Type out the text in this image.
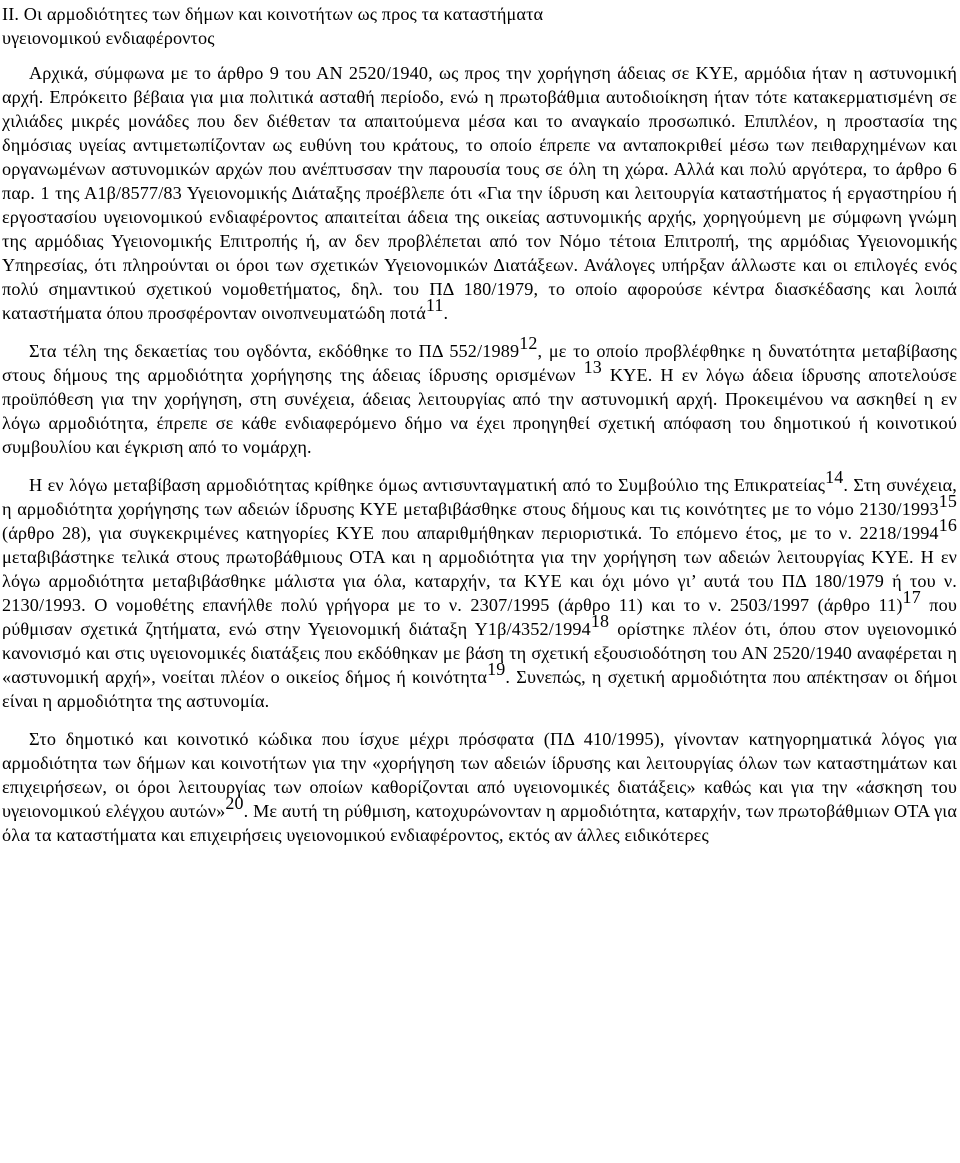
II. Οι αρμοδιότητες των δήμων και κοινοτήτων ως προς τα καταστήματα
υγειονομικού ενδιαφέροντος

Αρχικά, σύμφωνα με το άρθρο 9 του ΑΝ 2520/1940, ως προς την χορήγηση άδειας σε ΚΥΕ, αρμόδια ήταν η αστυνομική αρχή. Επρόκειτο βέβαια για μια πολιτικά ασταθή περίοδο, ενώ η πρωτοβάθμια αυτοδιοίκηση ήταν τότε κατακερματισμένη σε χιλιάδες μικρές μονάδες που δεν διέθεταν τα απαιτούμενα μέσα και το αναγκαίο προσωπικό. Επιπλέον, η προστασία της δημόσιας υγείας αντιμετωπίζονταν ως ευθύνη του κράτους, το οποίο έπρεπε να ανταποκριθεί μέσω των πειθαρχημένων και οργανωμένων αστυνομικών αρχών που ανέπτυσσαν την παρουσία τους σε όλη τη χώρα. Αλλά και πολύ αργότερα, το άρθρο 6 παρ. 1 της Α1β/8577/83 Υγειονομικής Διάταξης προέβλεπε ότι «Για την ίδρυση και λειτουργία καταστήματος ή εργαστηρίου ή εργοστασίου υγειονομικού ενδιαφέροντος απαιτείται άδεια της οικείας αστυνομικής αρχής, χορηγούμενη με σύμφωνη γνώμη της αρμόδιας Υγειονομικής Επιτροπής ή, αν δεν προβλέπεται από τον Νόμο τέτοια Επιτροπή, της αρμόδιας Υγειονομικής Υπηρεσίας, ότι πληρούνται οι όροι των σχετικών Υγειονομικών Διατάξεων. Ανάλογες υπήρξαν άλλωστε και οι επιλογές ενός πολύ σημαντικού σχετικού νομοθετήματος, δηλ. του ΠΔ 180/1979, το οποίο αφορούσε κέντρα διασκέδασης και λοιπά καταστήματα όπου προσφέρονταν οινοπνευματώδη ποτά$^{11}$.

Στα τέλη της δεκαετίας του ογδόντα, εκδόθηκε το ΠΔ 552/1989$^{12}$, με το οποίο προβλέφθηκε η δυνατότητα μεταβίβασης στους δήμους της αρμοδιότητα χορήγησης της άδειας ίδρυσης ορισμένων $^{13}$ ΚΥΕ. Η εν λόγω άδεια ίδρυσης αποτελούσε προϋπόθεση για την χορήγηση, στη συνέχεια, άδειας λειτουργίας από την αστυνομική αρχή. Προκειμένου να ασκηθεί η εν λόγω αρμοδιότητα, έπρεπε σε κάθε ενδιαφερόμενο δήμο να έχει προηγηθεί σχετική απόφαση του δημοτικού ή κοινοτικού συμβουλίου και έγκριση από το νομάρχη.

Η εν λόγω μεταβίβαση αρμοδιότητας κρίθηκε όμως αντισυνταγματική από το Συμβούλιο της Επικρατείας$^{14}$. Στη συνέχεια, η αρμοδιότητα χορήγησης των αδειών ίδρυσης ΚΥΕ μεταβιβάσθηκε στους δήμους και τις κοινότητες με το νόμο 2130/1993$^{15}$ (άρθρο 28), για συγκεκριμένες κατηγορίες ΚΥΕ που απαριθμήθηκαν περιοριστικά. Το επόμενο έτος, με το ν. 2218/1994$^{16}$ μεταβιβάστηκε τελικά στους πρωτοβάθμιους ΟΤΑ και η αρμοδιότητα για την χορήγηση των αδειών λειτουργίας ΚΥΕ. Η εν λόγω αρμοδιότητα μεταβιβάσθηκε μάλιστα για όλα, καταρχήν, τα ΚΥΕ και όχι μόνο γι’ αυτά του ΠΔ 180/1979 ή του ν. 2130/1993. Ο νομοθέτης επανήλθε πολύ γρήγορα με το ν. 2307/1995 (άρθρο 11) και το ν. 2503/1997 (άρθρο 11)$^{17}$ που ρύθμισαν σχετικά ζητήματα, ενώ στην Υγειονομική διάταξη Υ1β/4352/1994$^{18}$ ορίστηκε πλέον ότι, όπου στον υγειονομικό κανονισμό και στις υγειονομικές διατάξεις που εκδόθηκαν με βάση τη σχετική εξουσιοδότηση του ΑΝ 2520/1940 αναφέρεται η «αστυνομική αρχή», νοείται πλέον ο οικείος δήμος ή κοινότητα$^{19}$. Συνεπώς, η σχετική αρμοδιότητα που απέκτησαν οι δήμοι είναι η αρμοδιότητα της αστυνομία.

Στο δημοτικό και κοινοτικό κώδικα που ίσχυε μέχρι πρόσφατα (ΠΔ 410/1995), γίνονταν κατηγορηματικά λόγος για αρμοδιότητα των δήμων και κοινοτήτων για την «χορήγηση των αδειών ίδρυσης και λειτουργίας όλων των καταστημάτων και επιχειρήσεων, οι όροι λειτουργίας των οποίων καθορίζονται από υγειονομικές διατάξεις» καθώς και για την «άσκηση του υγειονομικού ελέγχου αυτών»$^{20}$. Με αυτή τη ρύθμιση, κατοχυρώνονταν η αρμοδιότητα, καταρχήν, των πρωτοβάθμιων ΟΤΑ για όλα τα καταστήματα και επιχειρήσεις υγειονομικού ενδιαφέροντος, εκτός αν άλλες ειδικότερες
